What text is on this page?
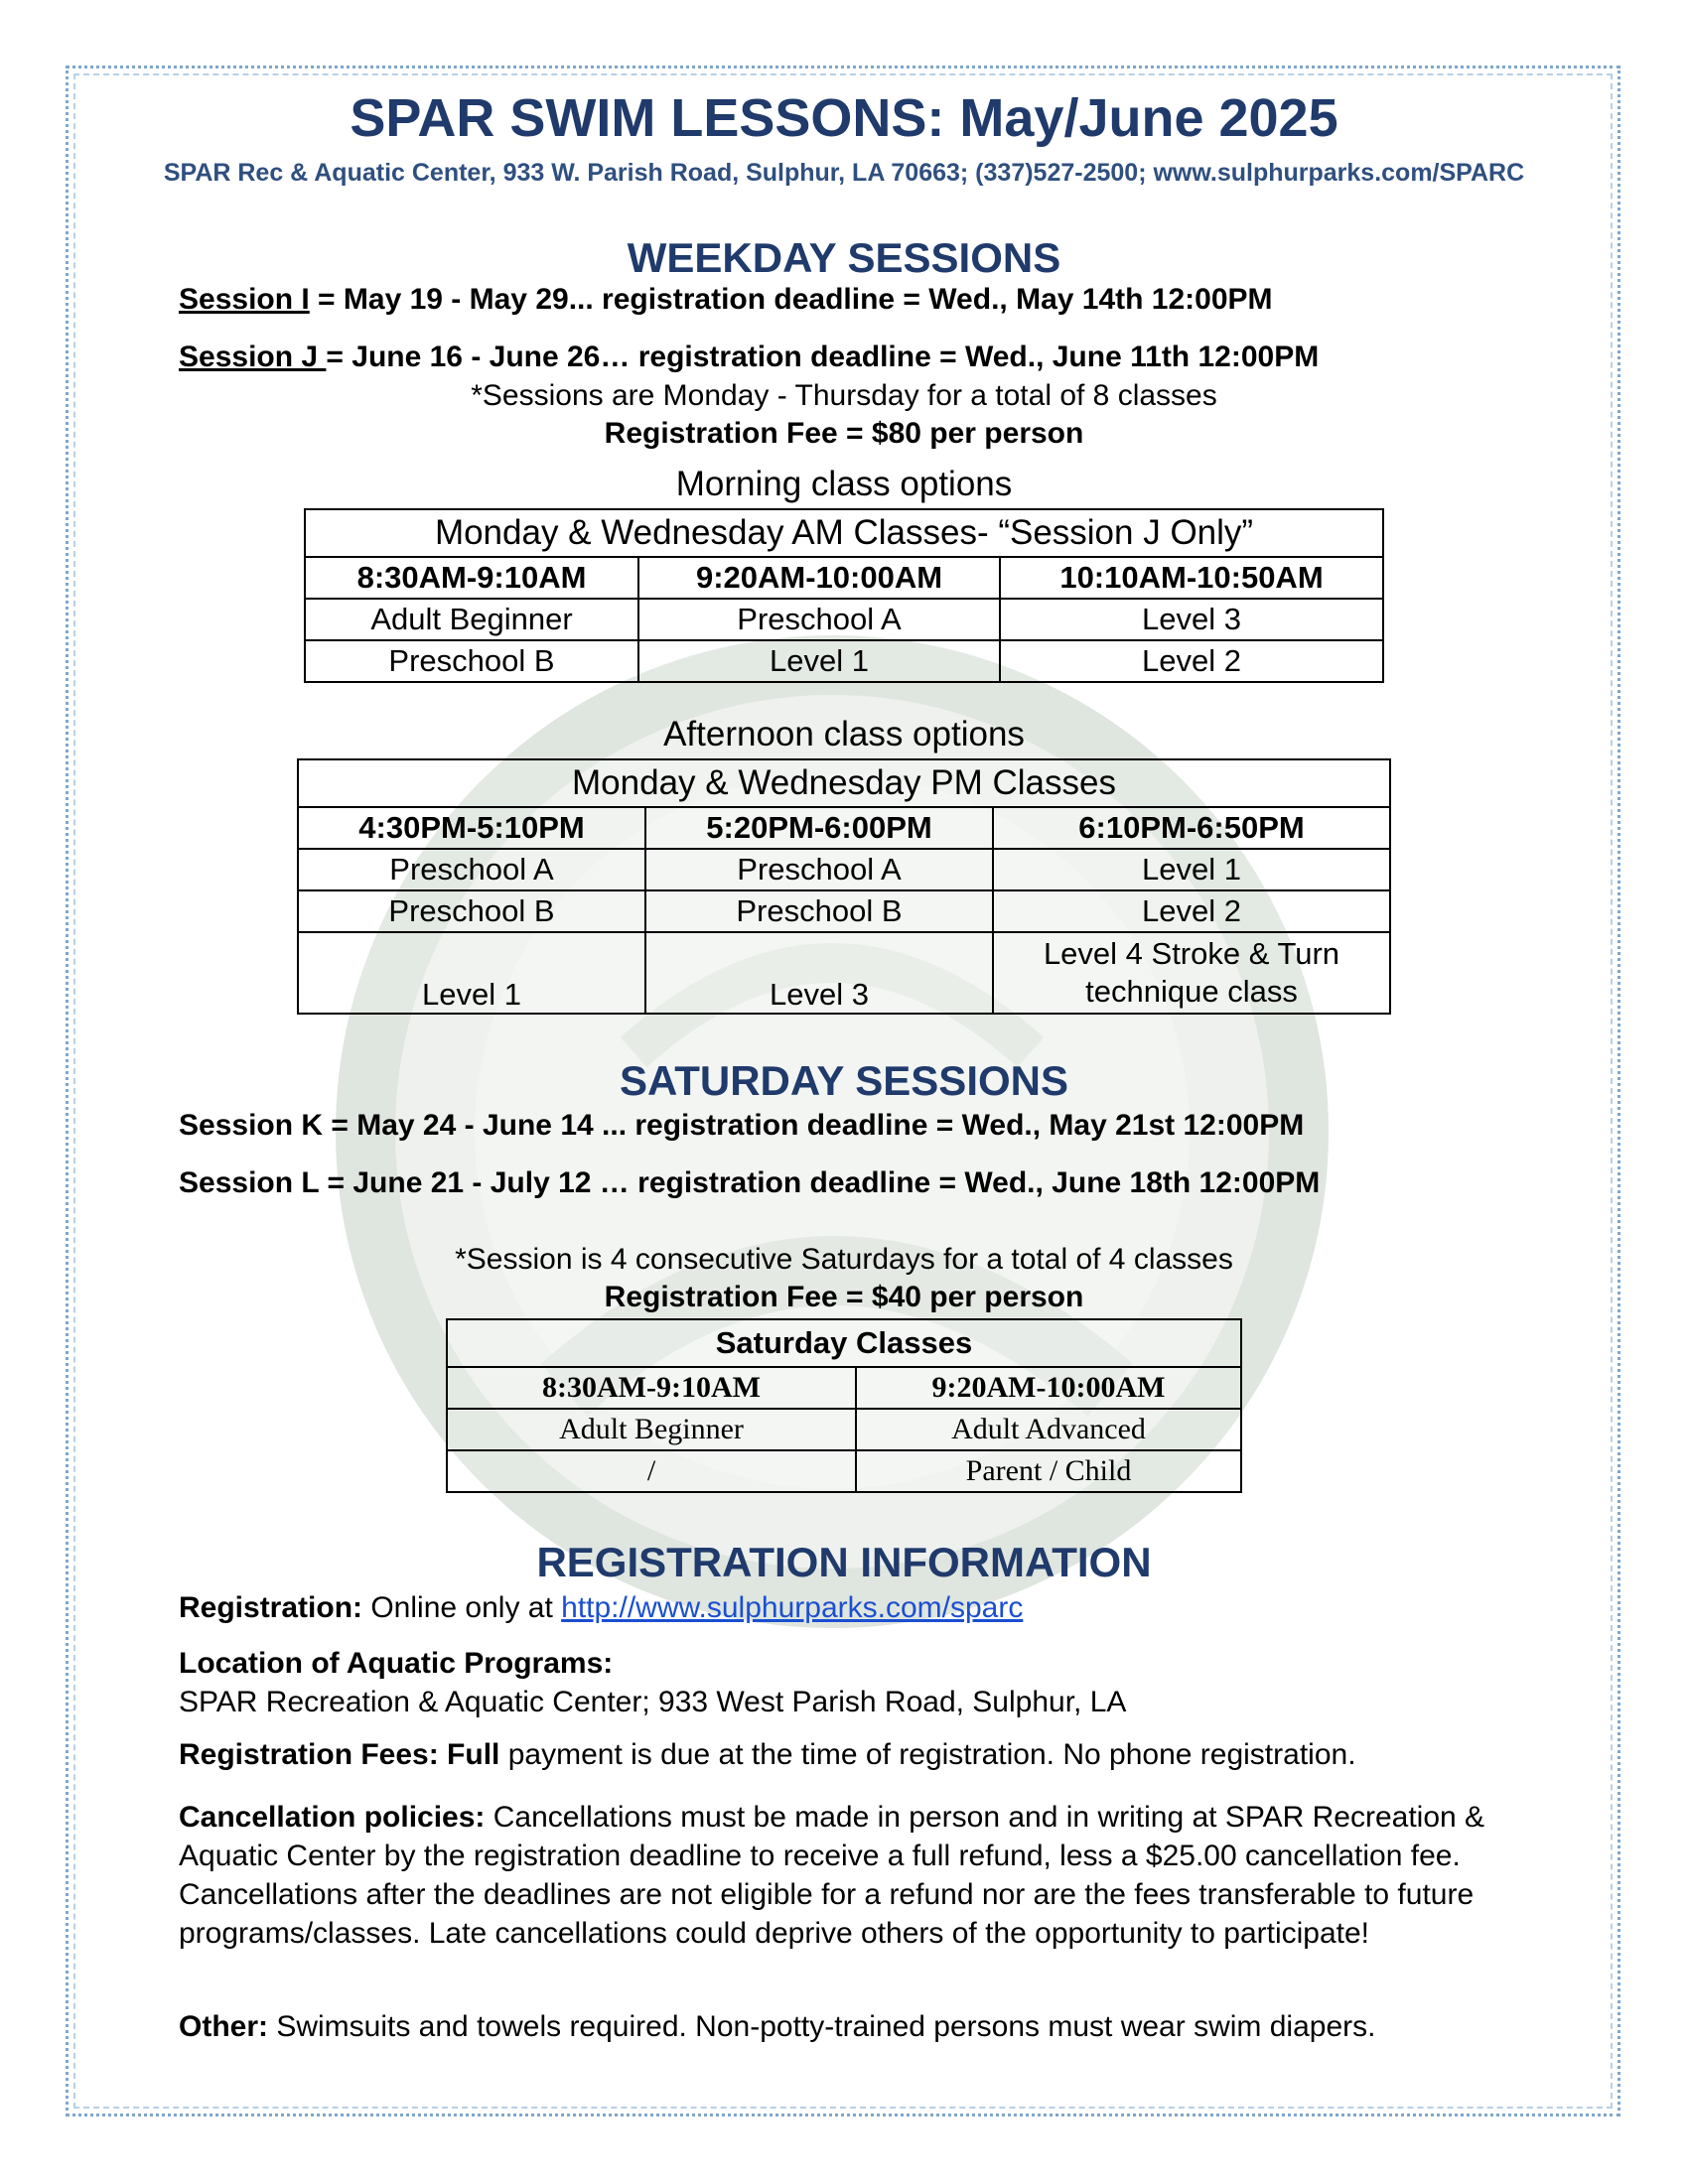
SPAR SWIM LESSONS: May/June 2025
SPAR Rec & Aquatic Center, 933 W. Parish Road, Sulphur, LA 70663; (337)527-2500; www.sulphurparks.com/SPARC
WEEKDAY SESSIONS
Session I = May 19 - May 29... registration deadline = Wed., May 14th 12:00PM
Session J = June 16 - June 26… registration deadline = Wed., June 11th 12:00PM
*Sessions are Monday - Thursday for a total of 8 classes
Registration Fee = $80 per person
Morning class options
Monday & Wednesday AM Classes- “Session J Only”		
8:30AM-9:10AM	9:20AM-10:00AM	10:10AM-10:50AM
Adult Beginner	Preschool A	Level 3
Preschool B	Level 1	Level 2
Afternoon class options
Monday & Wednesday PM Classes		
4:30PM-5:10PM	5:20PM-6:00PM	6:10PM-6:50PM
Preschool A	Preschool A	Level 1
Preschool B	Preschool B	Level 2
Level 1	Level 3	Level 4 Stroke & Turn technique class
SATURDAY SESSIONS
Session K = May 24 - June 14 ... registration deadline = Wed., May 21st 12:00PM
Session L = June 21 - July 12 … registration deadline = Wed., June 18th 12:00PM
*Session is 4 consecutive Saturdays for a total of 4 classes
Registration Fee = $40 per person
Saturday Classes	
8:30AM-9:10AM	9:20AM-10:00AM
Adult Beginner	Adult Advanced
/	Parent / Child
REGISTRATION INFORMATION
Registration: Online only at http://www.sulphurparks.com/sparc
Location of Aquatic Programs:
SPAR Recreation & Aquatic Center; 933 West Parish Road, Sulphur, LA
Registration Fees: Full payment is due at the time of registration. No phone registration.
Cancellation policies: Cancellations must be made in person and in writing at SPAR Recreation & Aquatic Center by the registration deadline to receive a full refund, less a $25.00 cancellation fee. Cancellations after the deadlines are not eligible for a refund nor are the fees transferable to future programs/classes. Late cancellations could deprive others of the opportunity to participate!
Other: Swimsuits and towels required. Non-potty-trained persons must wear swim diapers.
